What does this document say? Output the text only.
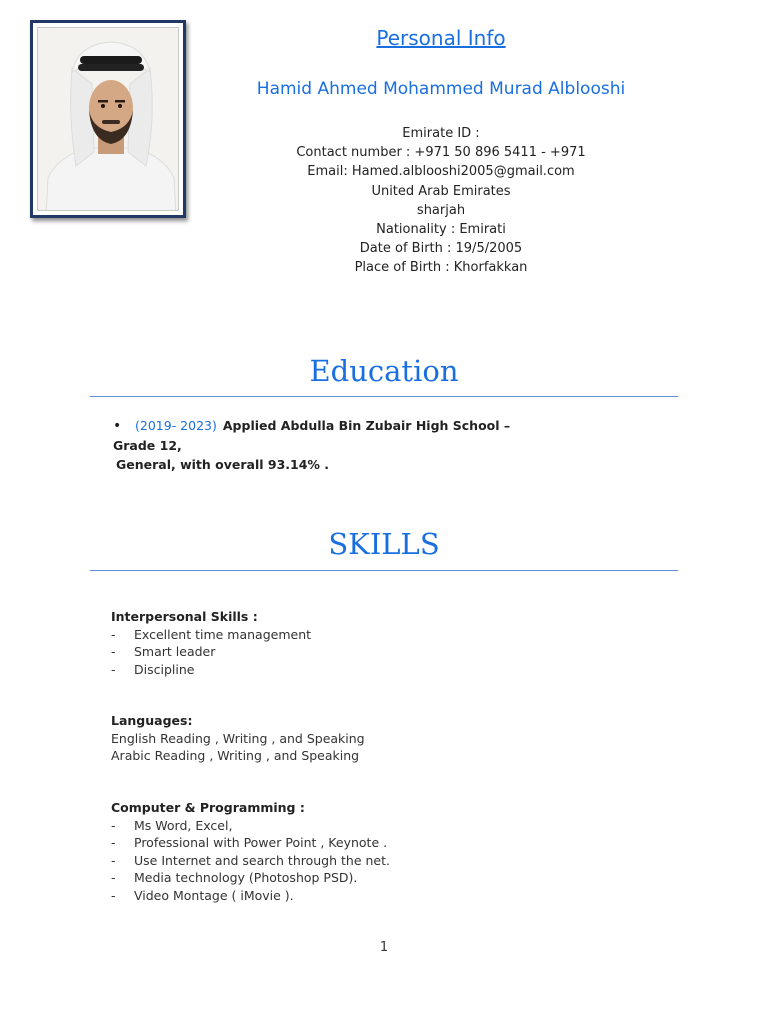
Personal Info
Hamid Ahmed Mohammed Murad Alblooshi
Emirate ID :
Contact number : +971 50 896 5411 - +971
Email: Hamed.alblooshi2005@gmail.com
United Arab Emirates
sharjah
Nationality : Emirati
Date of Birth : 19/5/2005
Place of Birth : Khorfakkan
Education
• (2019- 2023) Applied Abdulla Bin Zubair High School – Grade 12,
General, with overall 93.14% .
SKILLS
Interpersonal Skills :
-	Excellent time management
-	Smart leader
-	Discipline
Languages:
English Reading , Writing , and Speaking
Arabic Reading , Writing , and Speaking
Computer & Programming :
-	Ms Word, Excel,
-	Professional with Power Point , Keynote .
-	Use Internet and search through the net.
-	Media technology (Photoshop PSD).
-	Video Montage ( iMovie ).
1
